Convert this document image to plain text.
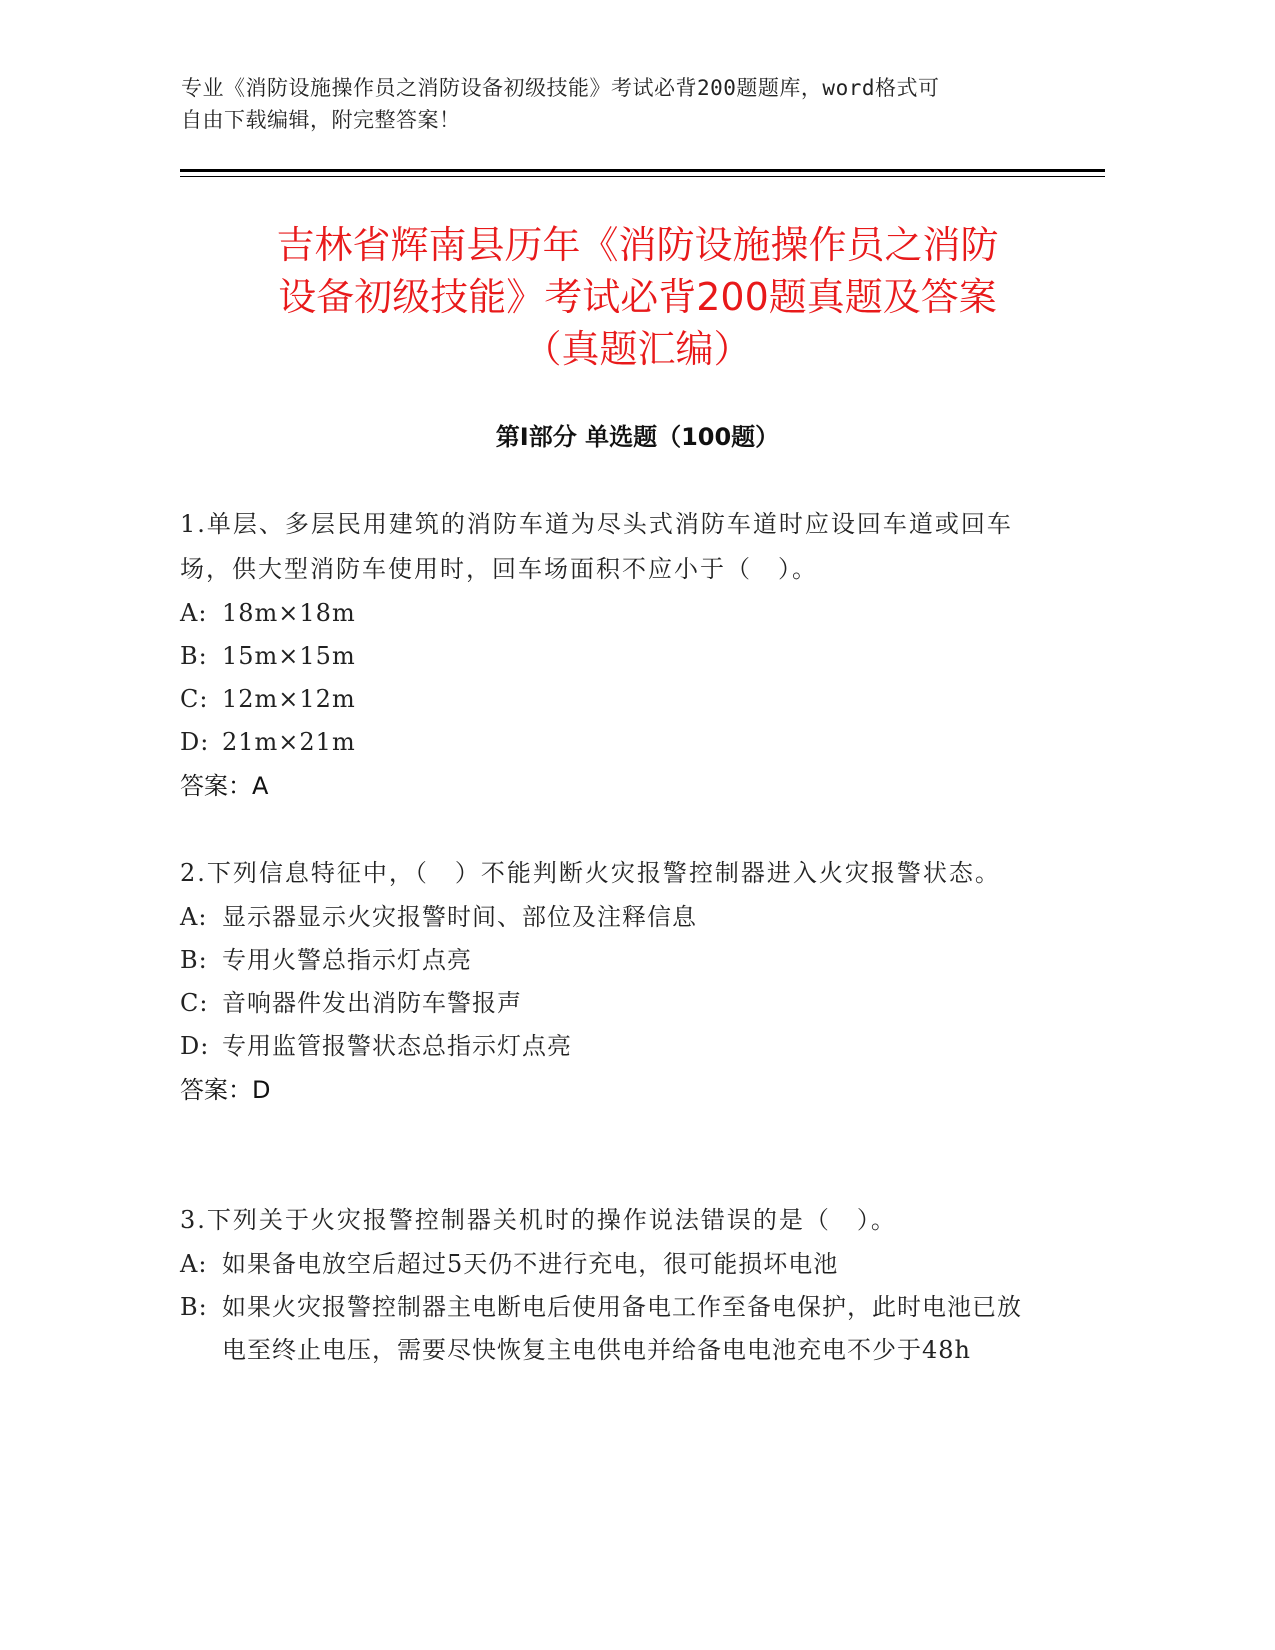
专业《消防设施操作员之消防设备初级技能》考试必背200题题库，word格式可
自由下载编辑，附完整答案！
吉林省辉南县历年《消防设施操作员之消防
设备初级技能》考试必背200题真题及答案
（真题汇编）
第Ⅰ部分 单选题（100题）
1.单层、多层民用建筑的消防车道为尽头式消防车道时应设回车道或回车场，供大型消防车使用时，回车场面积不应小于（　）。
A: 18m×18m
B: 15m×15m
C: 12m×12m
D: 21m×21m
答案：A
2.下列信息特征中，（　）不能判断火灾报警控制器进入火灾报警状态。
A: 显示器显示火灾报警时间、部位及注释信息
B: 专用火警总指示灯点亮
C: 音响器件发出消防车警报声
D: 专用监管报警状态总指示灯点亮
答案：D
3.下列关于火灾报警控制器关机时的操作说法错误的是（　）。
A: 如果备电放空后超过5天仍不进行充电，很可能损坏电池
B: 如果火灾报警控制器主电断电后使用备电工作至备电保护，此时电池已放电至终止电压，需要尽快恢复主电供电并给备电电池充电不少于48h
